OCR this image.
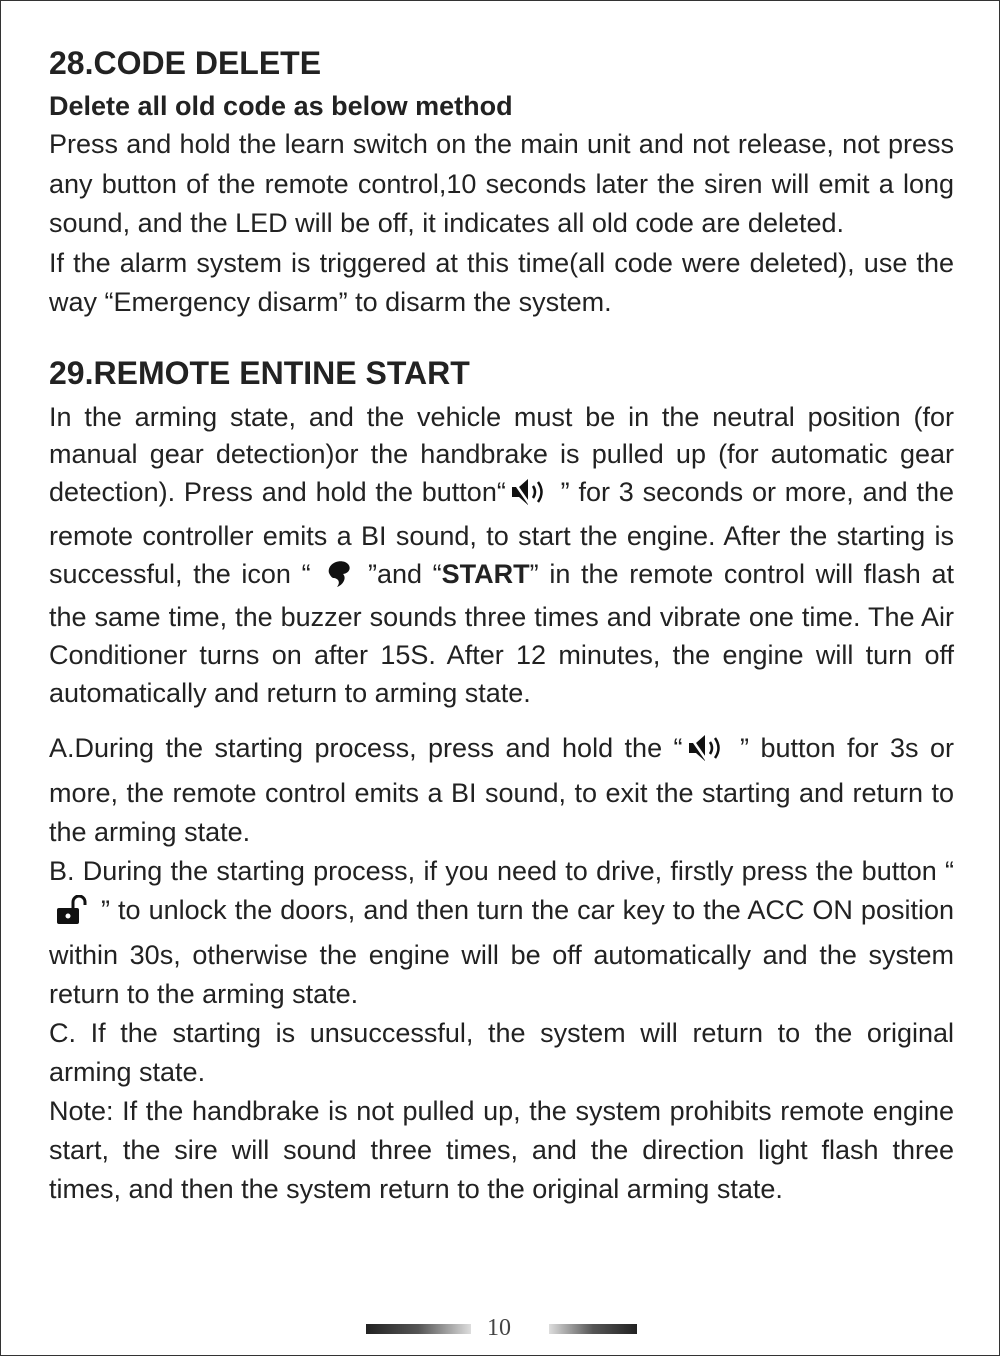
28.CODE DELETE
Delete all old code as below method

Press and hold the learn switch on the main unit and not release, not press any button of the remote control,10 seconds later the siren will emit a long sound, and the LED will be off, it indicates all old code are deleted.

If the alarm system is triggered at this time(all code were deleted), use the way “Emergency disarm” to disarm the system.

29.REMOTE ENTINE START

In the arming state, and the vehicle must be in the neutral position (for manual gear detection)or the handbrake is pulled up (for automatic gear detection). Press and hold the button“ ” for 3 seconds or more, and the remote controller emits a BI sound, to start the engine. After the starting is successful, the icon “  ”and “START” in the remote control will flash at the same time, the buzzer sounds three times and vibrate one time. The Air Conditioner turns on after 15S. After 12 minutes, the engine will turn off automatically and return to arming state.

A.During the starting process, press and hold the “ ” button for 3s or more, the remote control emits a BI sound, to exit the starting and return to the arming state.

B. During the starting process, if you need to drive, firstly press the button “ ” to unlock the doors, and then turn the car key to the ACC ON position within 30s, otherwise the engine will be off automatically and the system return to the arming state.

C. If the starting is unsuccessful, the system will return to the original arming state.

Note: If the handbrake is not pulled up, the system prohibits remote engine start, the sire will sound three times, and the direction light flash three times, and then the system return to the original arming state.

10
